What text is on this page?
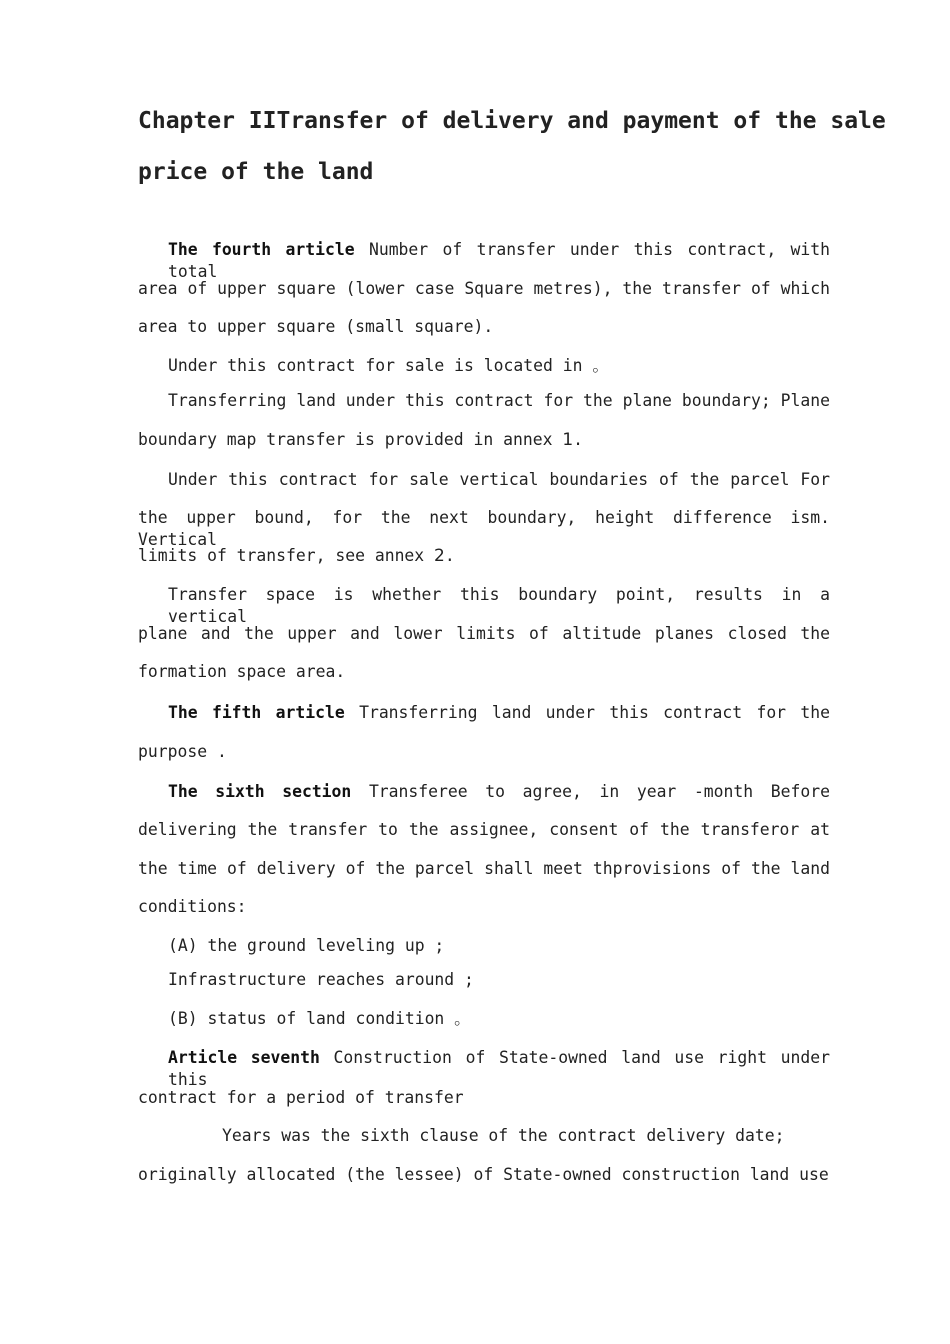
Chapter IITransfer of delivery and payment of the sale
price of the land
The fourth article Number of transfer under this contract, with total
area of upper square (lower case Square metres), the transfer of which
area to upper square (small square).
Under this contract for sale is located in 。
Transferring land under this contract for the plane boundary; Plane
boundary map transfer is provided in annex 1.
Under this contract for sale vertical boundaries of the parcel For
the upper bound, for the next boundary, height difference ism. Vertical
limits of transfer, see annex 2.
Transfer space is whether this boundary point, results in a vertical
plane and the upper and lower limits of altitude planes closed the
formation space area.
The fifth article Transferring land under this contract for the
purpose .
The sixth section Transferee to agree, in year -month Before
delivering the transfer to the assignee, consent of the transferor at
the time of delivery of the parcel shall meet thprovisions of the land
conditions:
(A) the ground leveling up ;
Infrastructure reaches around ;
(B) status of land condition 。
Article seventh Construction of State-owned land use right under this
contract for a period of transfer
Years was the sixth clause of the contract delivery date;
originally allocated (the lessee) of State-owned construction land use
